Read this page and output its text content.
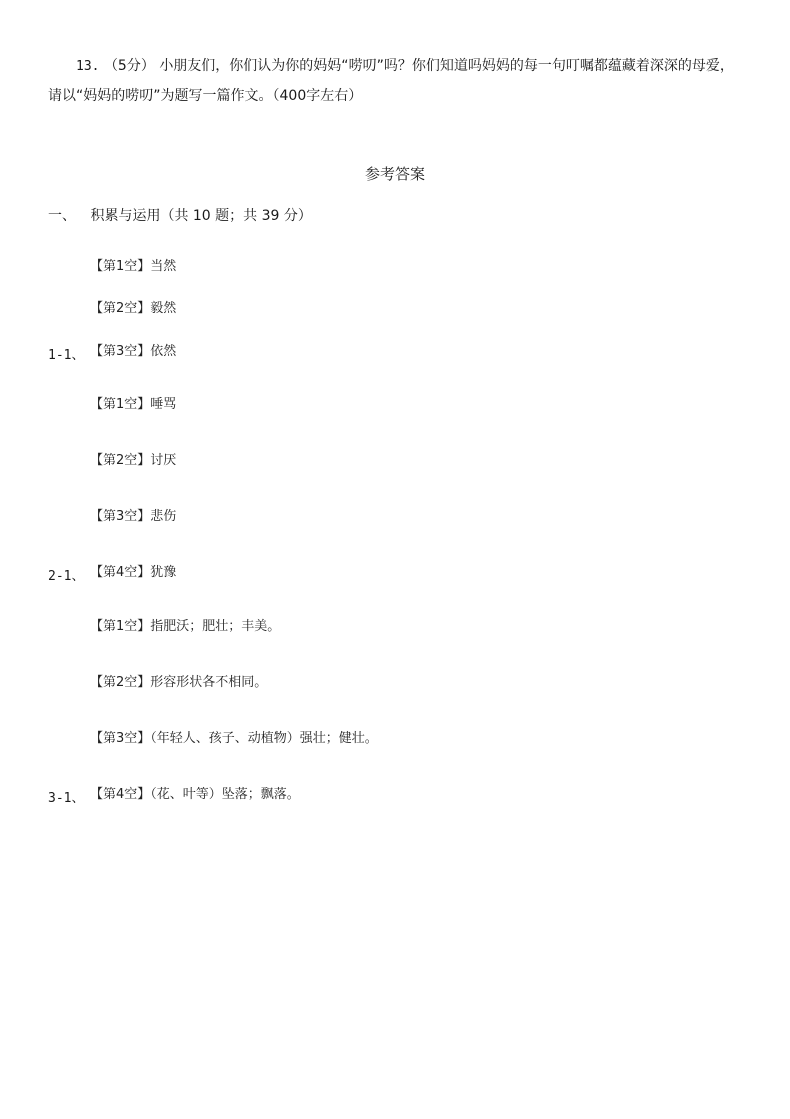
13. （5分） 小朋友们，你们认为你的妈妈“唠叨”吗？你们知道吗妈妈的每一句叮嘱都蕴藏着深深的母爱，
请以“妈妈的唠叨”为题写一篇作文。（400字左右）
参考答案
一、 积累与运用（共 10 题；共 39 分）
【第1空】当然
【第2空】毅然
【第3空】依然
1-1、
【第1空】唾骂
【第2空】讨厌
【第3空】悲伤
【第4空】犹豫
2-1、
【第1空】指肥沃；肥壮；丰美。
【第2空】形容形状各不相同。
【第3空】（年轻人、孩子、动植物）强壮；健壮。
【第4空】（花、叶等）坠落；飘落。
3-1、
